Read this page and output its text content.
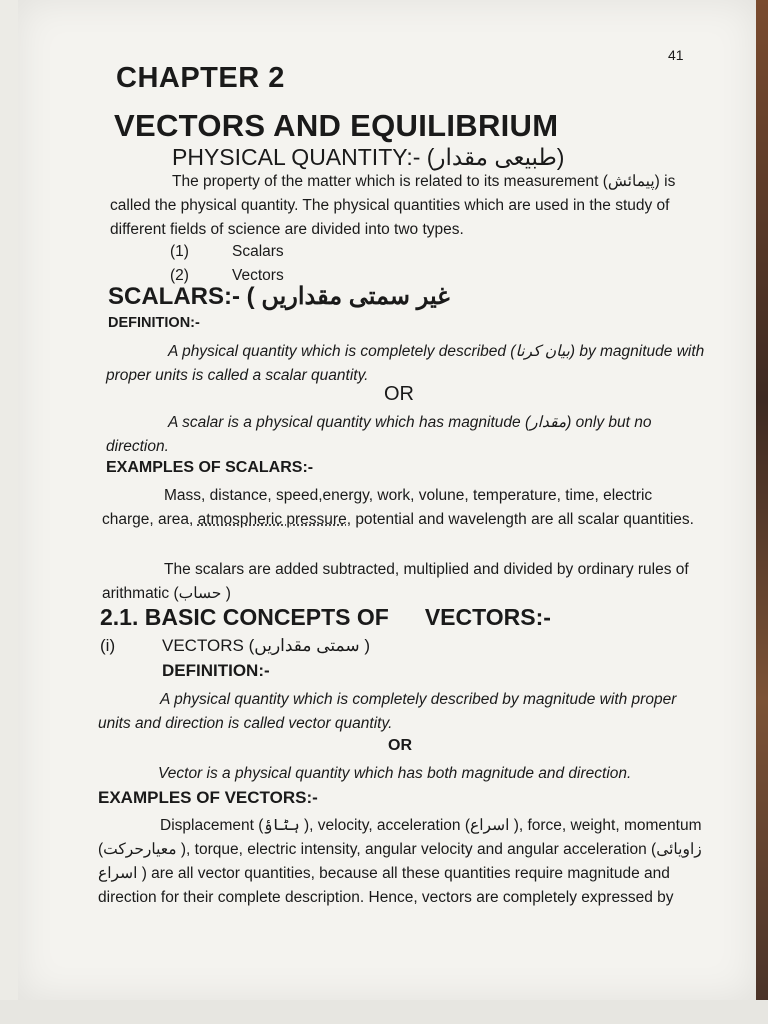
41
CHAPTER 2
VECTORS AND EQUILIBRIUM
PHYSICAL QUANTITY:- (طبیعی مقدار)
The property of the matter which is related to its measurement (پیمائش) is called the physical quantity. The physical quantities which are used in the study of different fields of science are divided into two types.
(1)	Scalars
(2)	Vectors
SCALARS:- ( غیر سمتی مقداریں
DEFINITION:-
A physical quantity which is completely described (بیان کرنا) by magnitude with proper units is called a scalar quantity.
OR
A scalar is a physical quantity which has magnitude (مقدار) only but no direction.
EXAMPLES OF SCALARS:-
Mass, distance, speed,energy, work, volune, temperature, time, electric charge, area, atmospheric pressure, potential and wavelength are all scalar quantities.
The scalars are added subtracted, multiplied and divided by ordinary rules of arithmatic (حساب )
2.1. BASIC CONCEPTS OF VECTORS:-
(i)	VECTORS (سمتی مقداریں )
DEFINITION:-
A physical quantity which is completely described by magnitude with proper units and direction is called vector quantity.
OR
Vector is a physical quantity which has both magnitude and direction.
EXAMPLES OF VECTORS:-
Displacement (ہٹاؤ ), velocity, acceleration (اسراع ), force, weight, momentum (معیارحرکت ), torque, electric intensity, angular velocity and angular acceleration (زاویائی اسراع ) are all vector quantities, because all these quantities require magnitude and direction for their complete description. Hence, vectors are completely expressed by
